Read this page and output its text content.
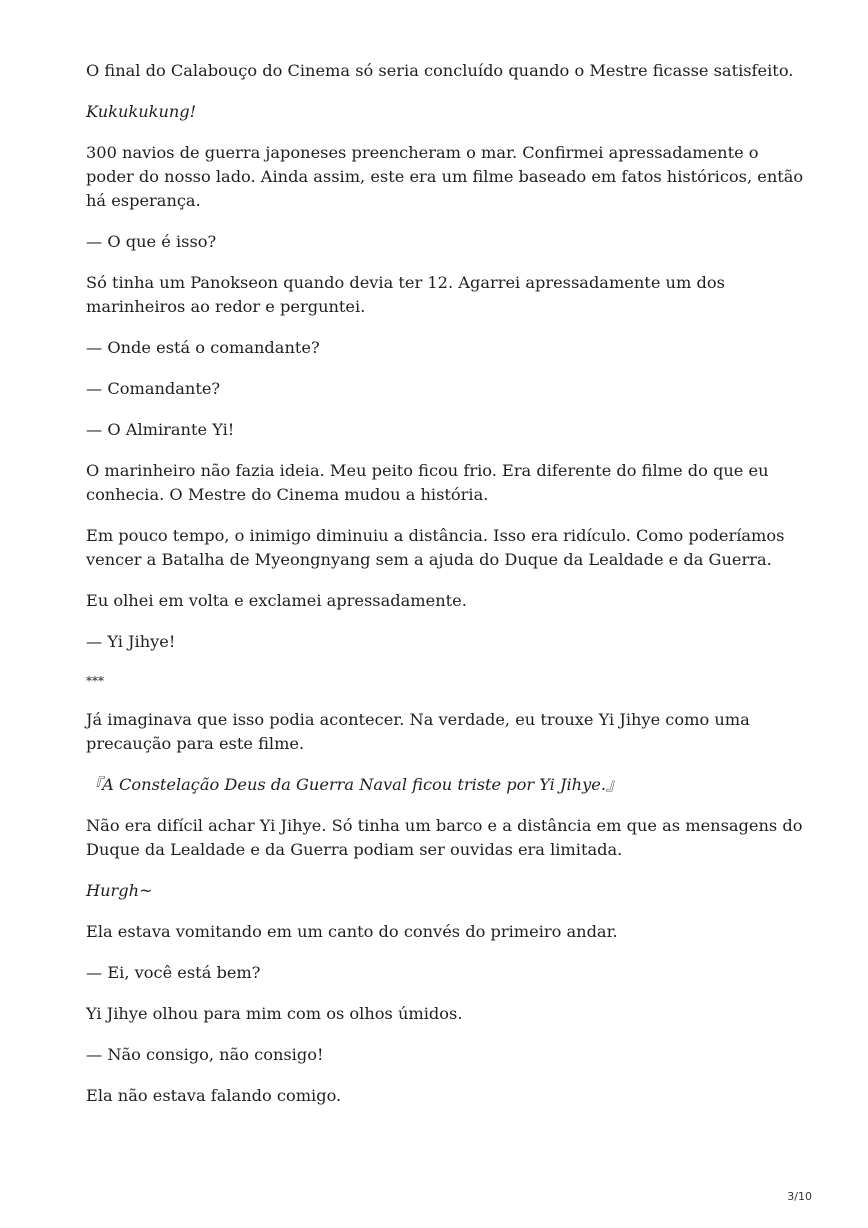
O final do Calabouço do Cinema só seria concluído quando o Mestre ficasse satisfeito.

Kukukukung!

300 navios de guerra japoneses preencheram o mar. Confirmei apressadamente o poder do nosso lado. Ainda assim, este era um filme baseado em fatos históricos, então há esperança.

— O que é isso?

Só tinha um Panokseon quando devia ter 12. Agarrei apressadamente um dos marinheiros ao redor e perguntei.

— Onde está o comandante?

— Comandante?

— O Almirante Yi!

O marinheiro não fazia ideia. Meu peito ficou frio. Era diferente do filme do que eu conhecia. O Mestre do Cinema mudou a história.

Em pouco tempo, o inimigo diminuiu a distância. Isso era ridículo. Como poderíamos vencer a Batalha de Myeongnyang sem a ajuda do Duque da Lealdade e da Guerra.

Eu olhei em volta e exclamei apressadamente.

— Yi Jihye!

***

Já imaginava que isso podia acontecer. Na verdade, eu trouxe Yi Jihye como uma precaução para este filme.

『A Constelação Deus da Guerra Naval ficou triste por Yi Jihye.』

Não era difícil achar Yi Jihye. Só tinha um barco e a distância em que as mensagens do Duque da Lealdade e da Guerra podiam ser ouvidas era limitada.

Hurgh~

Ela estava vomitando em um canto do convés do primeiro andar.

— Ei, você está bem?

Yi Jihye olhou para mim com os olhos úmidos.

— Não consigo, não consigo!

Ela não estava falando comigo.

3/10
